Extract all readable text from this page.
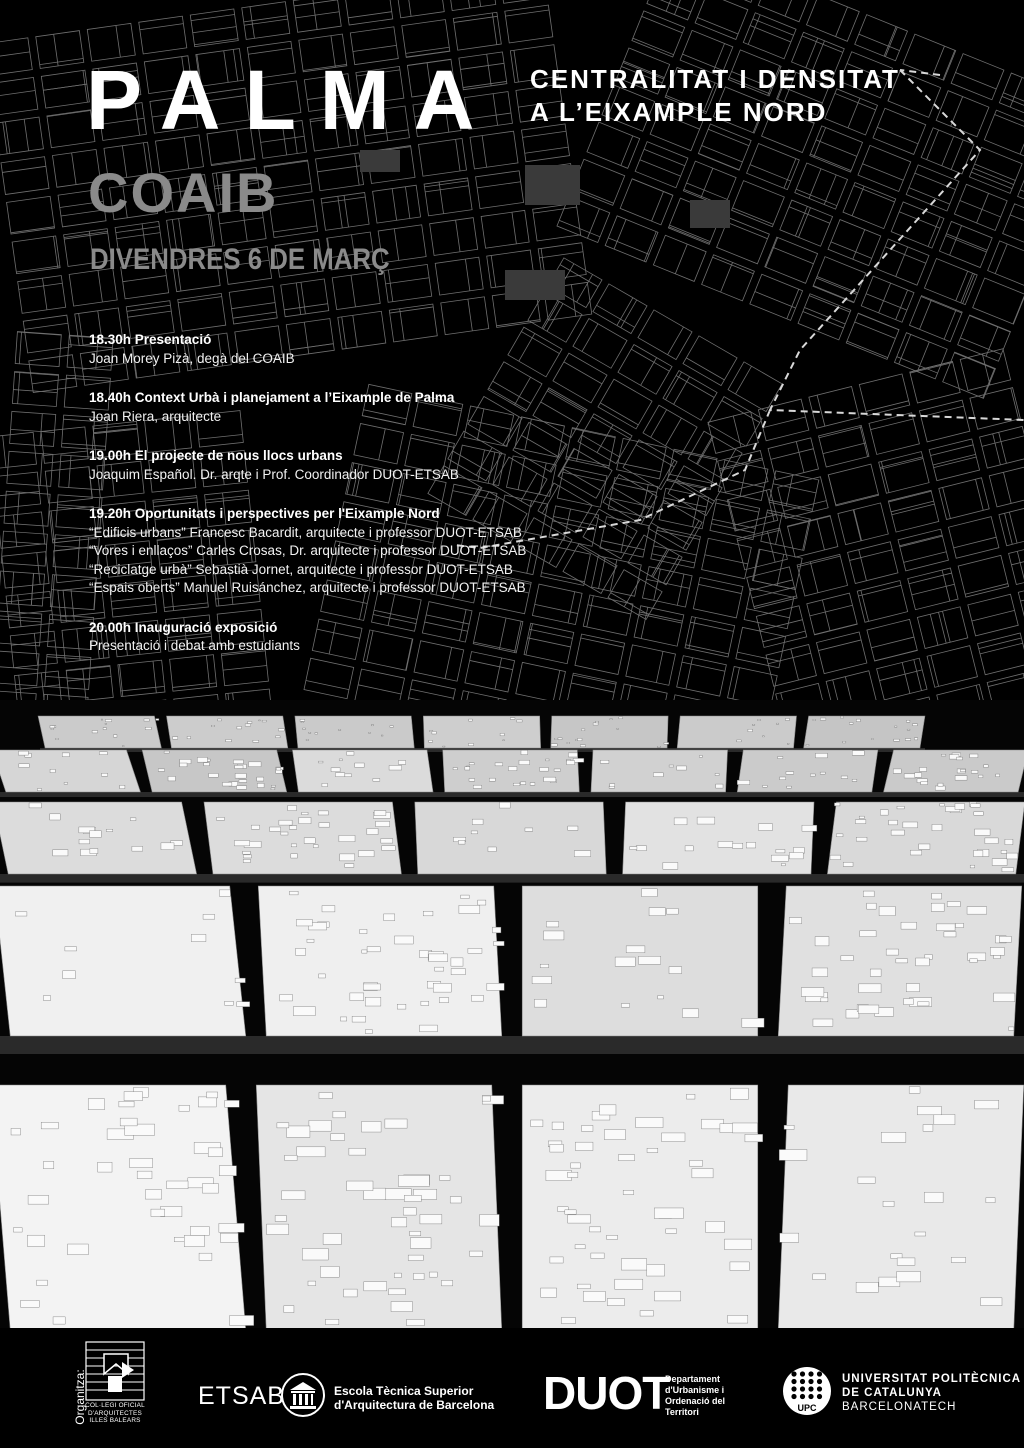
PALMA CENTRALITAT I DENSITAT
A L’EIXAMPLE NORD
COAIB
DIVENDRES 6 DE MARÇ

18.30h Presentació
Joan Morey Pizà, degà del COAIB

18.40h Context Urbà i planejament a l’Eixample de Palma
Joan Riera, arquitecte

19.00h El projecte de nous llocs urbans
Joaquim Español. Dr. arqte i Prof. Coordinador DUOT-ETSAB

19.20h Oportunitats i perspectives per l'Eixample Nord
“Edificis urbans” Francesc Bacardit, arquitecte i professor DUOT-ETSAB
“Vores i enllaços” Carles Crosas, Dr. arquitecte i professor DUOT-ETSAB
“Reciclatge urbà” Sebastià Jornet, arquitecte i professor DUOT-ETSAB
“Espais oberts” Manuel Ruisánchez, arquitecte i professor DUOT-ETSAB

20.00h Inauguració exposició
Presentació i debat amb estudiants

Organitza:

COL·LEGI OFICIAL
D'ARQUITECTES
ILLES BALEARS
ETSAB	Escola Tècnica Superior
d'Arquitectura de Barcelona DUOT
Departament
d'Urbanisme i
Ordenació del
Territori	UPC
UNIVERSITAT POLITÈCNICA
DE CATALUNYA
BARCELONATECH
